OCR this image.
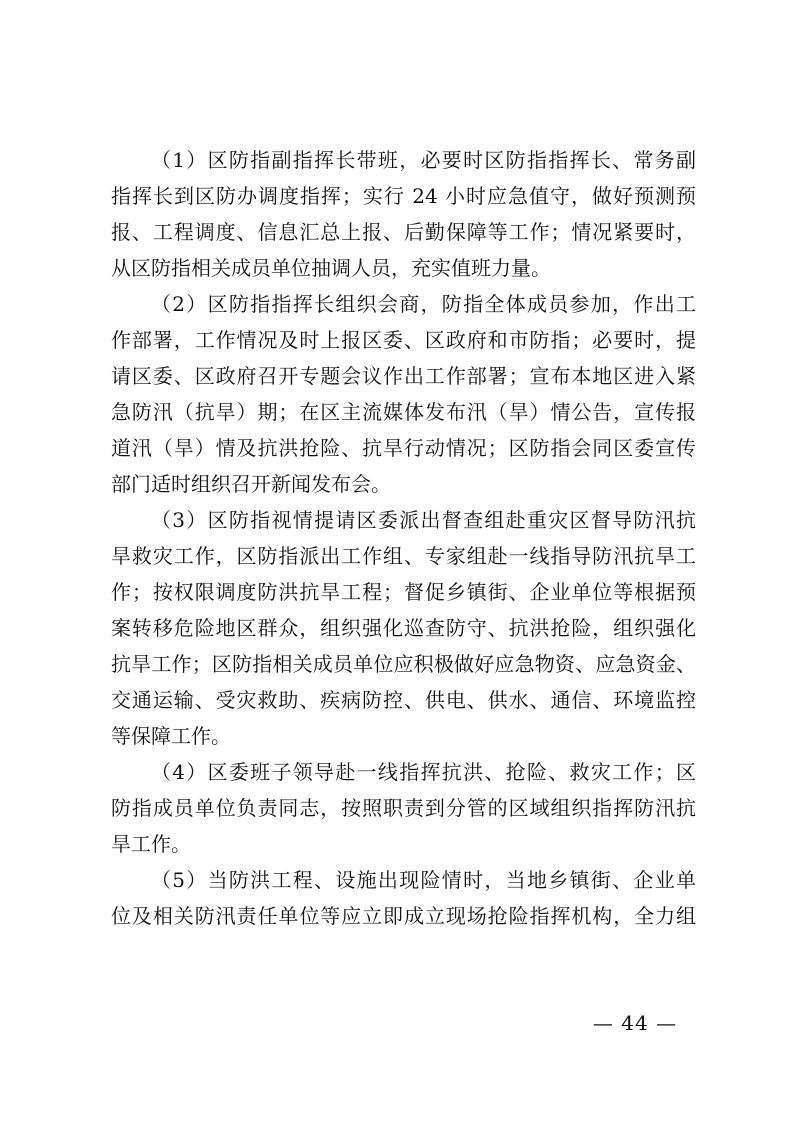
（1）区防指副指挥长带班，必要时区防指指挥长、常务副
指挥长到区防办调度指挥；实行 24 小时应急值守，做好预测预
报、工程调度、信息汇总上报、后勤保障等工作；情况紧要时，
从区防指相关成员单位抽调人员，充实值班力量。
（2）区防指指挥长组织会商，防指全体成员参加，作出工
作部署，工作情况及时上报区委、区政府和市防指；必要时，提
请区委、区政府召开专题会议作出工作部署；宣布本地区进入紧
急防汛（抗旱）期；在区主流媒体发布汛（旱）情公告，宣传报
道汛（旱）情及抗洪抢险、抗旱行动情况；区防指会同区委宣传
部门适时组织召开新闻发布会。
（3）区防指视情提请区委派出督查组赴重灾区督导防汛抗
旱救灾工作，区防指派出工作组、专家组赴一线指导防汛抗旱工
作；按权限调度防洪抗旱工程；督促乡镇街、企业单位等根据预
案转移危险地区群众，组织强化巡查防守、抗洪抢险，组织强化
抗旱工作；区防指相关成员单位应积极做好应急物资、应急资金、
交通运输、受灾救助、疾病防控、供电、供水、通信、环境监控
等保障工作。
（4）区委班子领导赴一线指挥抗洪、抢险、救灾工作；区
防指成员单位负责同志，按照职责到分管的区域组织指挥防汛抗
旱工作。
（5）当防洪工程、设施出现险情时，当地乡镇街、企业单
位及相关防汛责任单位等应立即成立现场抢险指挥机构，全力组
— 44 —
